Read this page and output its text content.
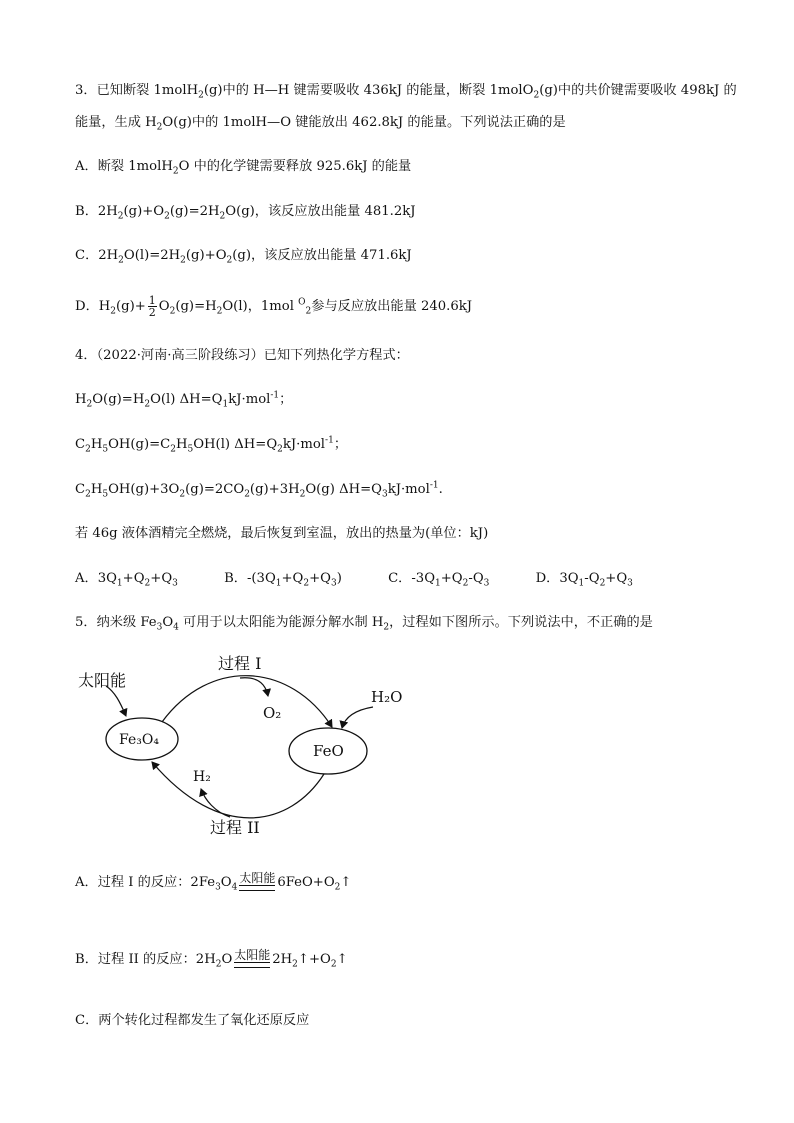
3．已知断裂 1molH$_2$(g)中的 H—H 键需要吸收 436kJ 的能量，断裂 1molO$_2$(g)中的共价键需要吸收 498kJ 的
能量，生成 $H_2O(g)$中的 1molH—O 键能放出 462.8kJ 的能量。下列说法正确的是
A．断裂 1molH$_2$O 中的化学键需要释放 925.6kJ 的能量
B．$2H_2(g)+O_2(g)=2H_2O(g)$，该反应放出能量 481.2kJ
C．$2H_2O(l)=2H_2(g)+O_2(g)$，该反应放出能量 471.6kJ
D．$H_2(g)+ \frac{1}{2} O_2(g)=H_2O(l)$，1mol $^O_2$参与反应放出能量 240.6kJ
4．（2022·河南·高三阶段练习）已知下列热化学方程式：
$H_2O(g)=H_2O(l)$ $\Delta H=Q_1kJ\cdot mol^{-1}$；
$C_2H_5OH(g)=C_2H_5OH(l)$ $\Delta H=Q_2kJ\cdot mol^{-1}$；
$C_2H_5OH(g)+3O_2(g)=2CO_2(g)+3H_2O(g)$ $\Delta H=Q_3kJ\cdot mol^{-1}$.
若 46g 液体酒精完全燃烧，最后恢复到室温，放出的热量为(单位：kJ)
A．$3Q_1+Q_2+Q_3$	B．$-(3Q_1+Q_2+Q_3)$	C．$-3Q_1+Q_2-Q_3$	D．$3Q_1-Q_2+Q_3$
5．纳米级 $Fe_3O_4$ 可用于以太阳能为能源分解水制 $H_2$，过程如下图所示。下列说法中，不正确的是
过程 I
太阳能
Fe₃O₄
FeO
O₂
H₂O
H₂
过程 II
A．过程 I 的反应：$2Fe_3O_4$
太阳能 $6FeO+O_2↑$
B．过程 II 的反应：$2H_2O$ 太阳能 $2H_2↑+O_2↑$
C．两个转化过程都发生了氧化还原反应
